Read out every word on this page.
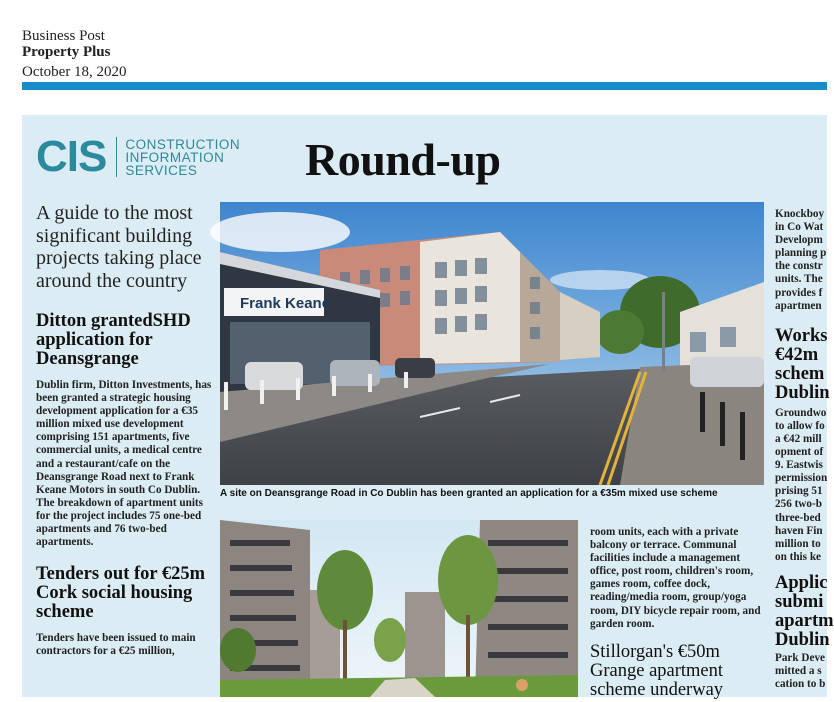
Business Post
Property Plus
October 18, 2020
CIS CONSTRUCTION
INFORMATION
SERVICES	Round-up
A guide to the most significant building projects taking place around the country
Ditton grantedSHD application for Deansgrange
Dublin firm, Ditton Investments, has been granted a strategic housing development application for a €35 million mixed use development comprising 151 apartments, five commercial units, a medical centre and a restaurant/cafe on the Deansgrange Road next to Frank Keane Motors in south Co Dublin. The breakdown of apartment units for the project includes 75 one-bed apartments and 76 two-bed apartments.
Tenders out for €25m Cork social housing scheme
Tenders have been issued to main contractors for a €25 million,
Frank Keane
A site on Deansgrange Road in Co Dublin has been granted an application for a €35m mixed use scheme
room units, each with a private balcony or terrace. Communal facilities include a management office, post room, children's room, games room, coffee dock, reading/media room, group/yoga room, DIY bicycle repair room, and garden room.
Stillorgan's €50m Grange apartment scheme underway
Knockboy
in Co Wat
Developm
planning p
the constr
units. The
provides f
apartmen
Works
€42m
schem
Dublin
Groundwo
to allow fo
a €42 mill
opment of
9. Eastwis
permission
prising 51
256 two-b
three-bed
haven Fin
million to
on this ke
Applic
submi
apartm
Dublin
Park Deve
mitted a s
cation to b
